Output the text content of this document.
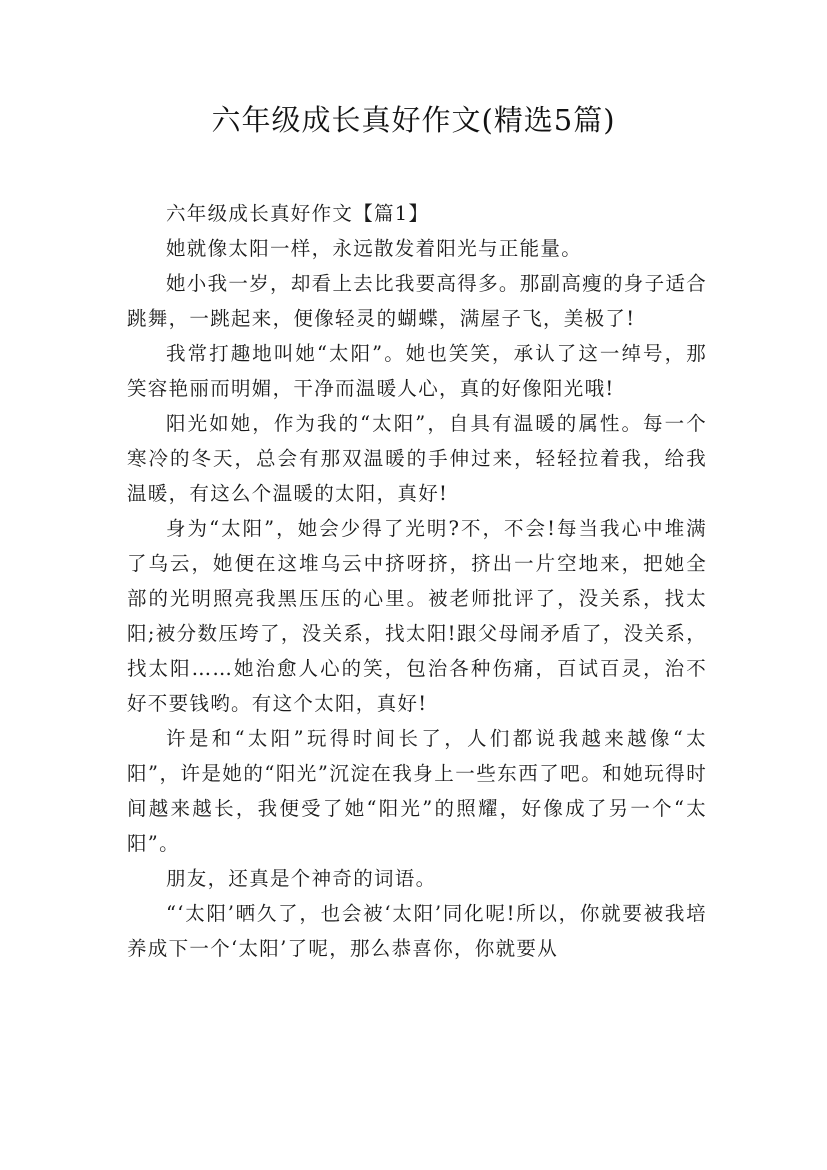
六年级成长真好作文(精选5篇)

六年级成长真好作文【篇1】

她就像太阳一样，永远散发着阳光与正能量。

她小我一岁，却看上去比我要高得多。那副高瘦的身子适合跳舞，一跳起来，便像轻灵的蝴蝶，满屋子飞，美极了!

我常打趣地叫她“太阳”。她也笑笑，承认了这一绰号，那笑容艳丽而明媚，干净而温暖人心，真的好像阳光哦!

阳光如她，作为我的“太阳”，自具有温暖的属性。每一个寒冷的冬天，总会有那双温暖的手伸过来，轻轻拉着我，给我温暖，有这么个温暖的太阳，真好!

身为“太阳”，她会少得了光明?不，不会!每当我心中堆满了乌云，她便在这堆乌云中挤呀挤，挤出一片空地来，把她全部的光明照亮我黑压压的心里。被老师批评了，没关系，找太阳;被分数压垮了，没关系，找太阳!跟父母闹矛盾了，没关系，找太阳……她治愈人心的笑，包治各种伤痛，百试百灵，治不好不要钱哟。有这个太阳，真好!

许是和“太阳”玩得时间长了，人们都说我越来越像“太阳”，许是她的“阳光”沉淀在我身上一些东西了吧。和她玩得时间越来越长，我便受了她“阳光”的照耀，好像成了另一个“太阳”。

朋友，还真是个神奇的词语。

“‘太阳’晒久了，也会被‘太阳’同化呢!所以，你就要被我培养成下一个‘太阳’了呢，那么恭喜你，你就要从
